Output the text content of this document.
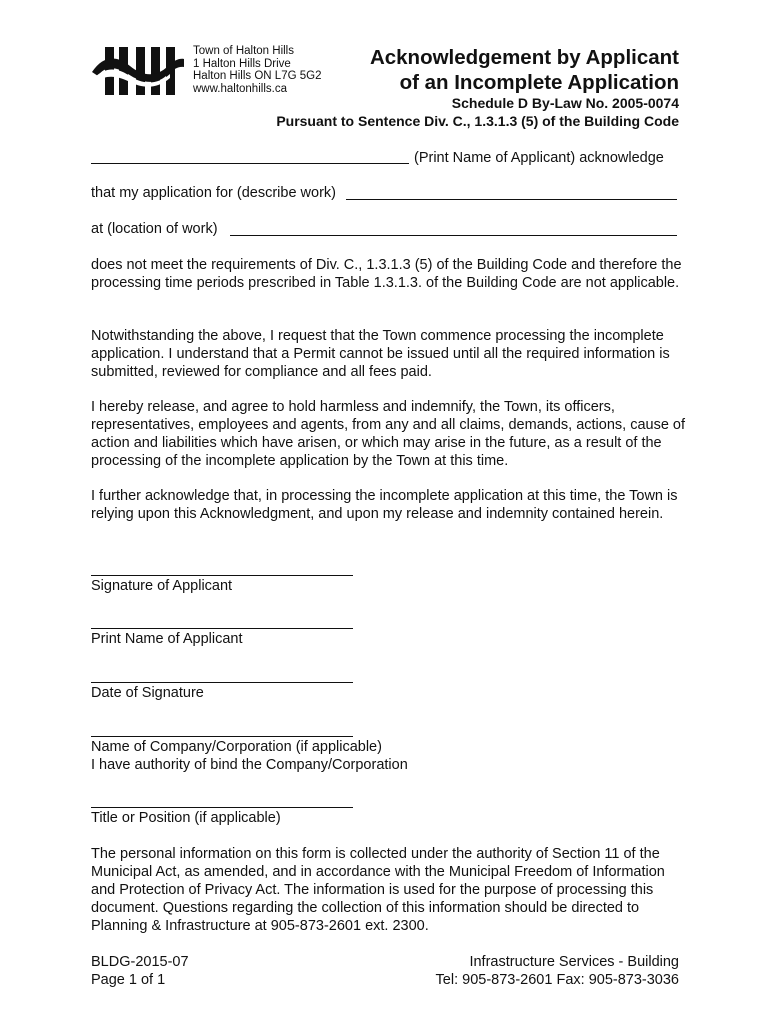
Town of Halton Hills
1 Halton Hills Drive
Halton Hills ON L7G 5G2
www.haltonhills.ca
Acknowledgement by Applicant
of an Incomplete Application
Schedule D By-Law No. 2005-0074
Pursuant to Sentence Div. C., 1.3.1.3 (5) of the Building Code
(Print Name of Applicant) acknowledge
that my application for (describe work)
at (location of work)
does not meet the requirements of Div. C., 1.3.1.3 (5) of the Building Code and therefore the processing time periods prescribed in Table 1.3.1.3. of the Building Code are not applicable.
Notwithstanding the above, I request that the Town commence processing the incomplete application. I understand that a Permit cannot be issued until all the required information is submitted, reviewed for compliance and all fees paid.
I hereby release, and agree to hold harmless and indemnify, the Town, its officers, representatives, employees and agents, from any and all claims, demands, actions, cause of action and liabilities which have arisen, or which may arise in the future, as a result of the processing of the incomplete application by the Town at this time.
I further acknowledge that, in processing the incomplete application at this time, the Town is relying upon this Acknowledgment, and upon my release and indemnity contained herein.
Signature of Applicant
Print Name of Applicant
Date of Signature
Name of Company/Corporation (if applicable)
I have authority of bind the Company/Corporation
Title or Position (if applicable)
The personal information on this form is collected under the authority of Section 11 of the Municipal Act, as amended, and in accordance with the Municipal Freedom of Information and Protection of Privacy Act. The information is used for the purpose of processing this document. Questions regarding the collection of this information should be directed to Planning & Infrastructure at 905-873-2601 ext. 2300.
BLDG-2015-07
Page 1 of 1
Infrastructure Services - Building
Tel: 905-873-2601 Fax: 905-873-3036
